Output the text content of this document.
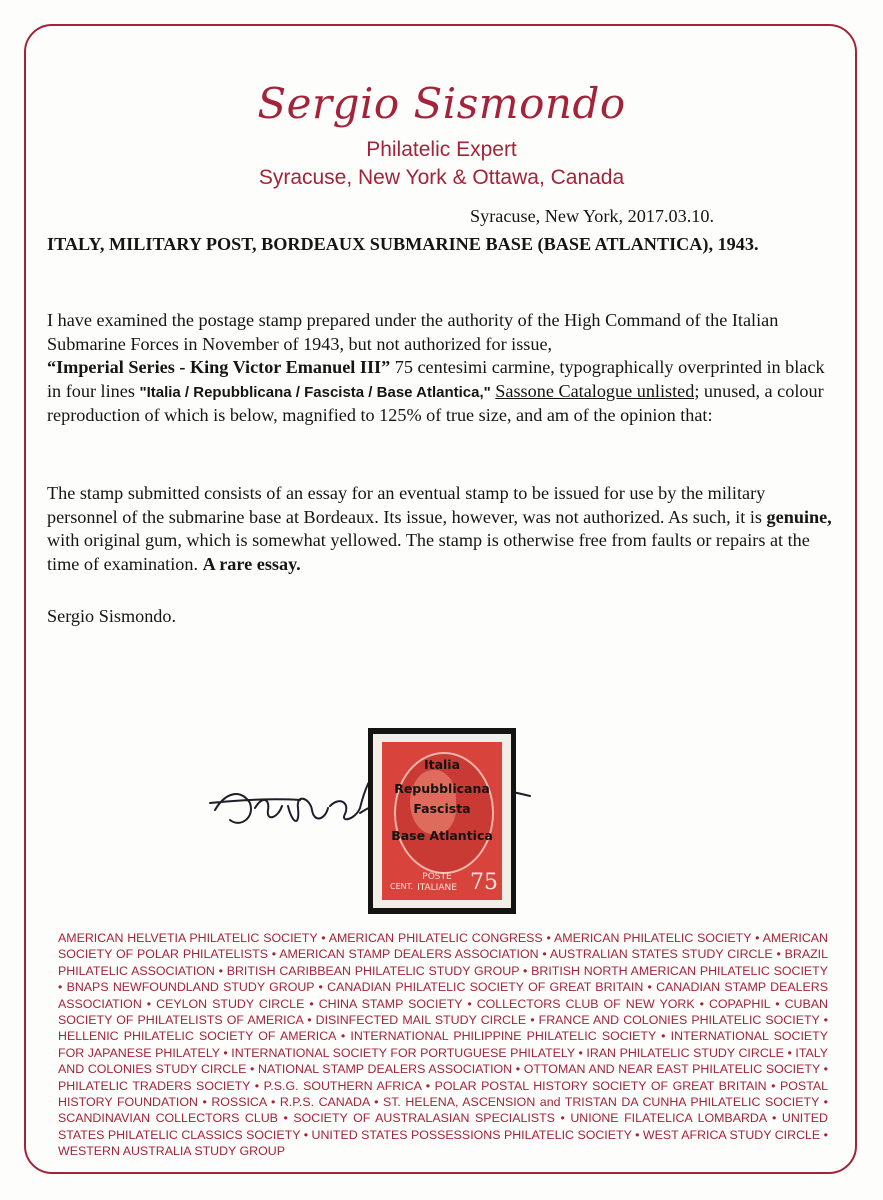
Sergio Sismondo
Philatelic Expert
Syracuse, New York & Ottawa, Canada
Syracuse, New York, 2017.03.10.
ITALY, MILITARY POST, BORDEAUX SUBMARINE BASE (BASE ATLANTICA), 1943.
I have examined the postage stamp prepared under the authority of the High Command of the Italian Submarine Forces in November of 1943, but not authorized for issue,
“Imperial Series - King Victor Emanuel III” 75 centesimi carmine, typographically overprinted in black in four lines "Italia / Repubblicana / Fascista / Base Atlantica," Sassone Catalogue unlisted; unused, a colour reproduction of which is below, magnified to 125% of true size, and am of the opinion that:
The stamp submitted consists of an essay for an eventual stamp to be issued for use by the military personnel of the submarine base at Bordeaux. Its issue, however, was not authorized. As such, it is genuine, with original gum, which is somewhat yellowed. The stamp is otherwise free from faults or repairs at the time of examination. A rare essay.
Sergio Sismondo.
Italia
Repubblicana
Fascista
Base Atlantica
CENT.
POSTE
ITALIANE 75
AMERICAN HELVETIA PHILATELIC SOCIETY • AMERICAN PHILATELIC CONGRESS • AMERICAN PHILATELIC SOCIETY • AMERICAN SOCIETY OF POLAR PHILATELISTS • AMERICAN STAMP DEALERS ASSOCIATION • AUSTRALIAN STATES STUDY CIRCLE • BRAZIL PHILATELIC ASSOCIATION • BRITISH CARIBBEAN PHILATELIC STUDY GROUP • BRITISH NORTH AMERICAN PHILATELIC SOCIETY • BNAPS NEWFOUNDLAND STUDY GROUP • CANADIAN PHILATELIC SOCIETY OF GREAT BRITAIN • CANADIAN STAMP DEALERS ASSOCIATION • CEYLON STUDY CIRCLE • CHINA STAMP SOCIETY • COLLECTORS CLUB OF NEW YORK • COPAPHIL • CUBAN SOCIETY OF PHILATELISTS OF AMERICA • DISINFECTED MAIL STUDY CIRCLE • FRANCE AND COLONIES PHILATELIC SOCIETY • HELLENIC PHILATELIC SOCIETY OF AMERICA • INTERNATIONAL PHILIPPINE PHILATELIC SOCIETY • INTERNATIONAL SOCIETY FOR JAPANESE PHILATELY • INTERNATIONAL SOCIETY FOR PORTUGUESE PHILATELY • IRAN PHILATELIC STUDY CIRCLE • ITALY AND COLONIES STUDY CIRCLE • NATIONAL STAMP DEALERS ASSOCIATION • OTTOMAN AND NEAR EAST PHILATELIC SOCIETY • PHILATELIC TRADERS SOCIETY • P.S.G. SOUTHERN AFRICA • POLAR POSTAL HISTORY SOCIETY OF GREAT BRITAIN • POSTAL HISTORY FOUNDATION • ROSSICA • R.P.S. CANADA • ST. HELENA, ASCENSION and TRISTAN DA CUNHA PHILATELIC SOCIETY • SCANDINAVIAN COLLECTORS CLUB • SOCIETY OF AUSTRALASIAN SPECIALISTS • UNIONE FILATELICA LOMBARDA • UNITED STATES PHILATELIC CLASSICS SOCIETY • UNITED STATES POSSESSIONS PHILATELIC SOCIETY • WEST AFRICA STUDY CIRCLE • WESTERN AUSTRALIA STUDY GROUP
